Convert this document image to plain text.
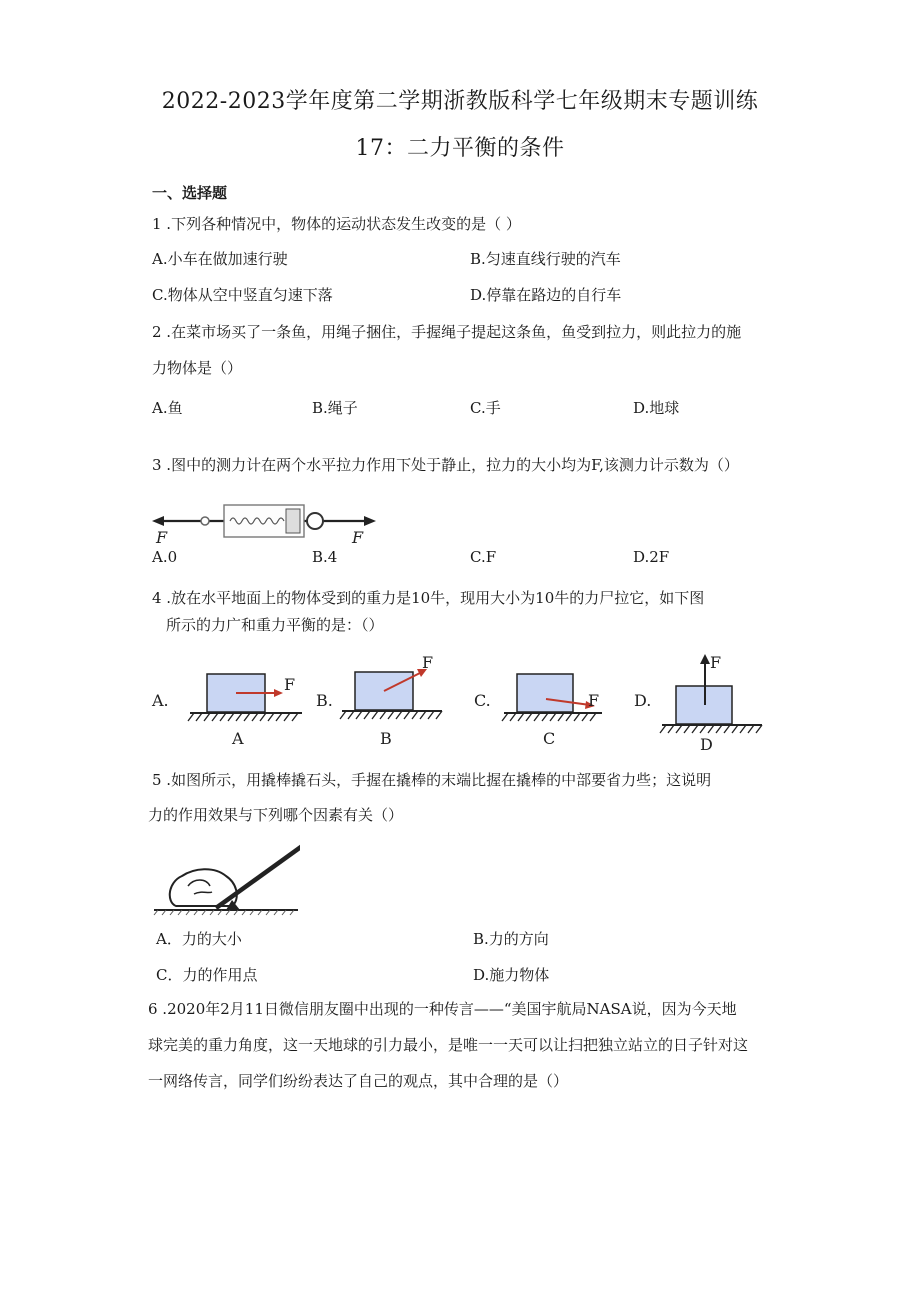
2022-2023学年度第二学期浙教版科学七年级期末专题训练
17：二力平衡的条件
一、选择题
1 .下列各种情况中，物体的运动状态发生改变的是（ ）
A.小车在做加速行驶	B.匀速直线行驶的汽车
C.物体从空中竖直匀速下落	D.停靠在路边的自行车
2 .在菜市场买了一条鱼，用绳子捆住，手握绳子提起这条鱼，鱼受到拉力，则此拉力的施
力物体是（）
A.鱼	B.绳子	C.手	D.地球
3 .图中的测力计在两个水平拉力作用下处于静止，拉力的大小均为F,该测力计示数为（）
F	F
A.0	B.4	C.F	D.2F
4 .放在水平地面上的物体受到的重力是10牛，现用大小为10牛的力尸拉它，如下图
所示的力广和重力平衡的是：（）
A.
F
A
B.
F
B
C.	F
C
D.
F
D
5 .如图所示，用撬棒撬石头，手握在撬棒的末端比握在撬棒的中部要省力些；这说明
力的作用效果与下列哪个因素有关（）
A．力的大小	B.力的方向
C．力的作用点	D.施力物体
6 .2020年2月11日微信朋友圈中出现的一种传言——“美国宇航局NASA说，因为今天地
球完美的重力角度，这一天地球的引力最小，是唯一一天可以让扫把独立站立的日子针对这
一网络传言，同学们纷纷表达了自己的观点，其中合理的是（）
